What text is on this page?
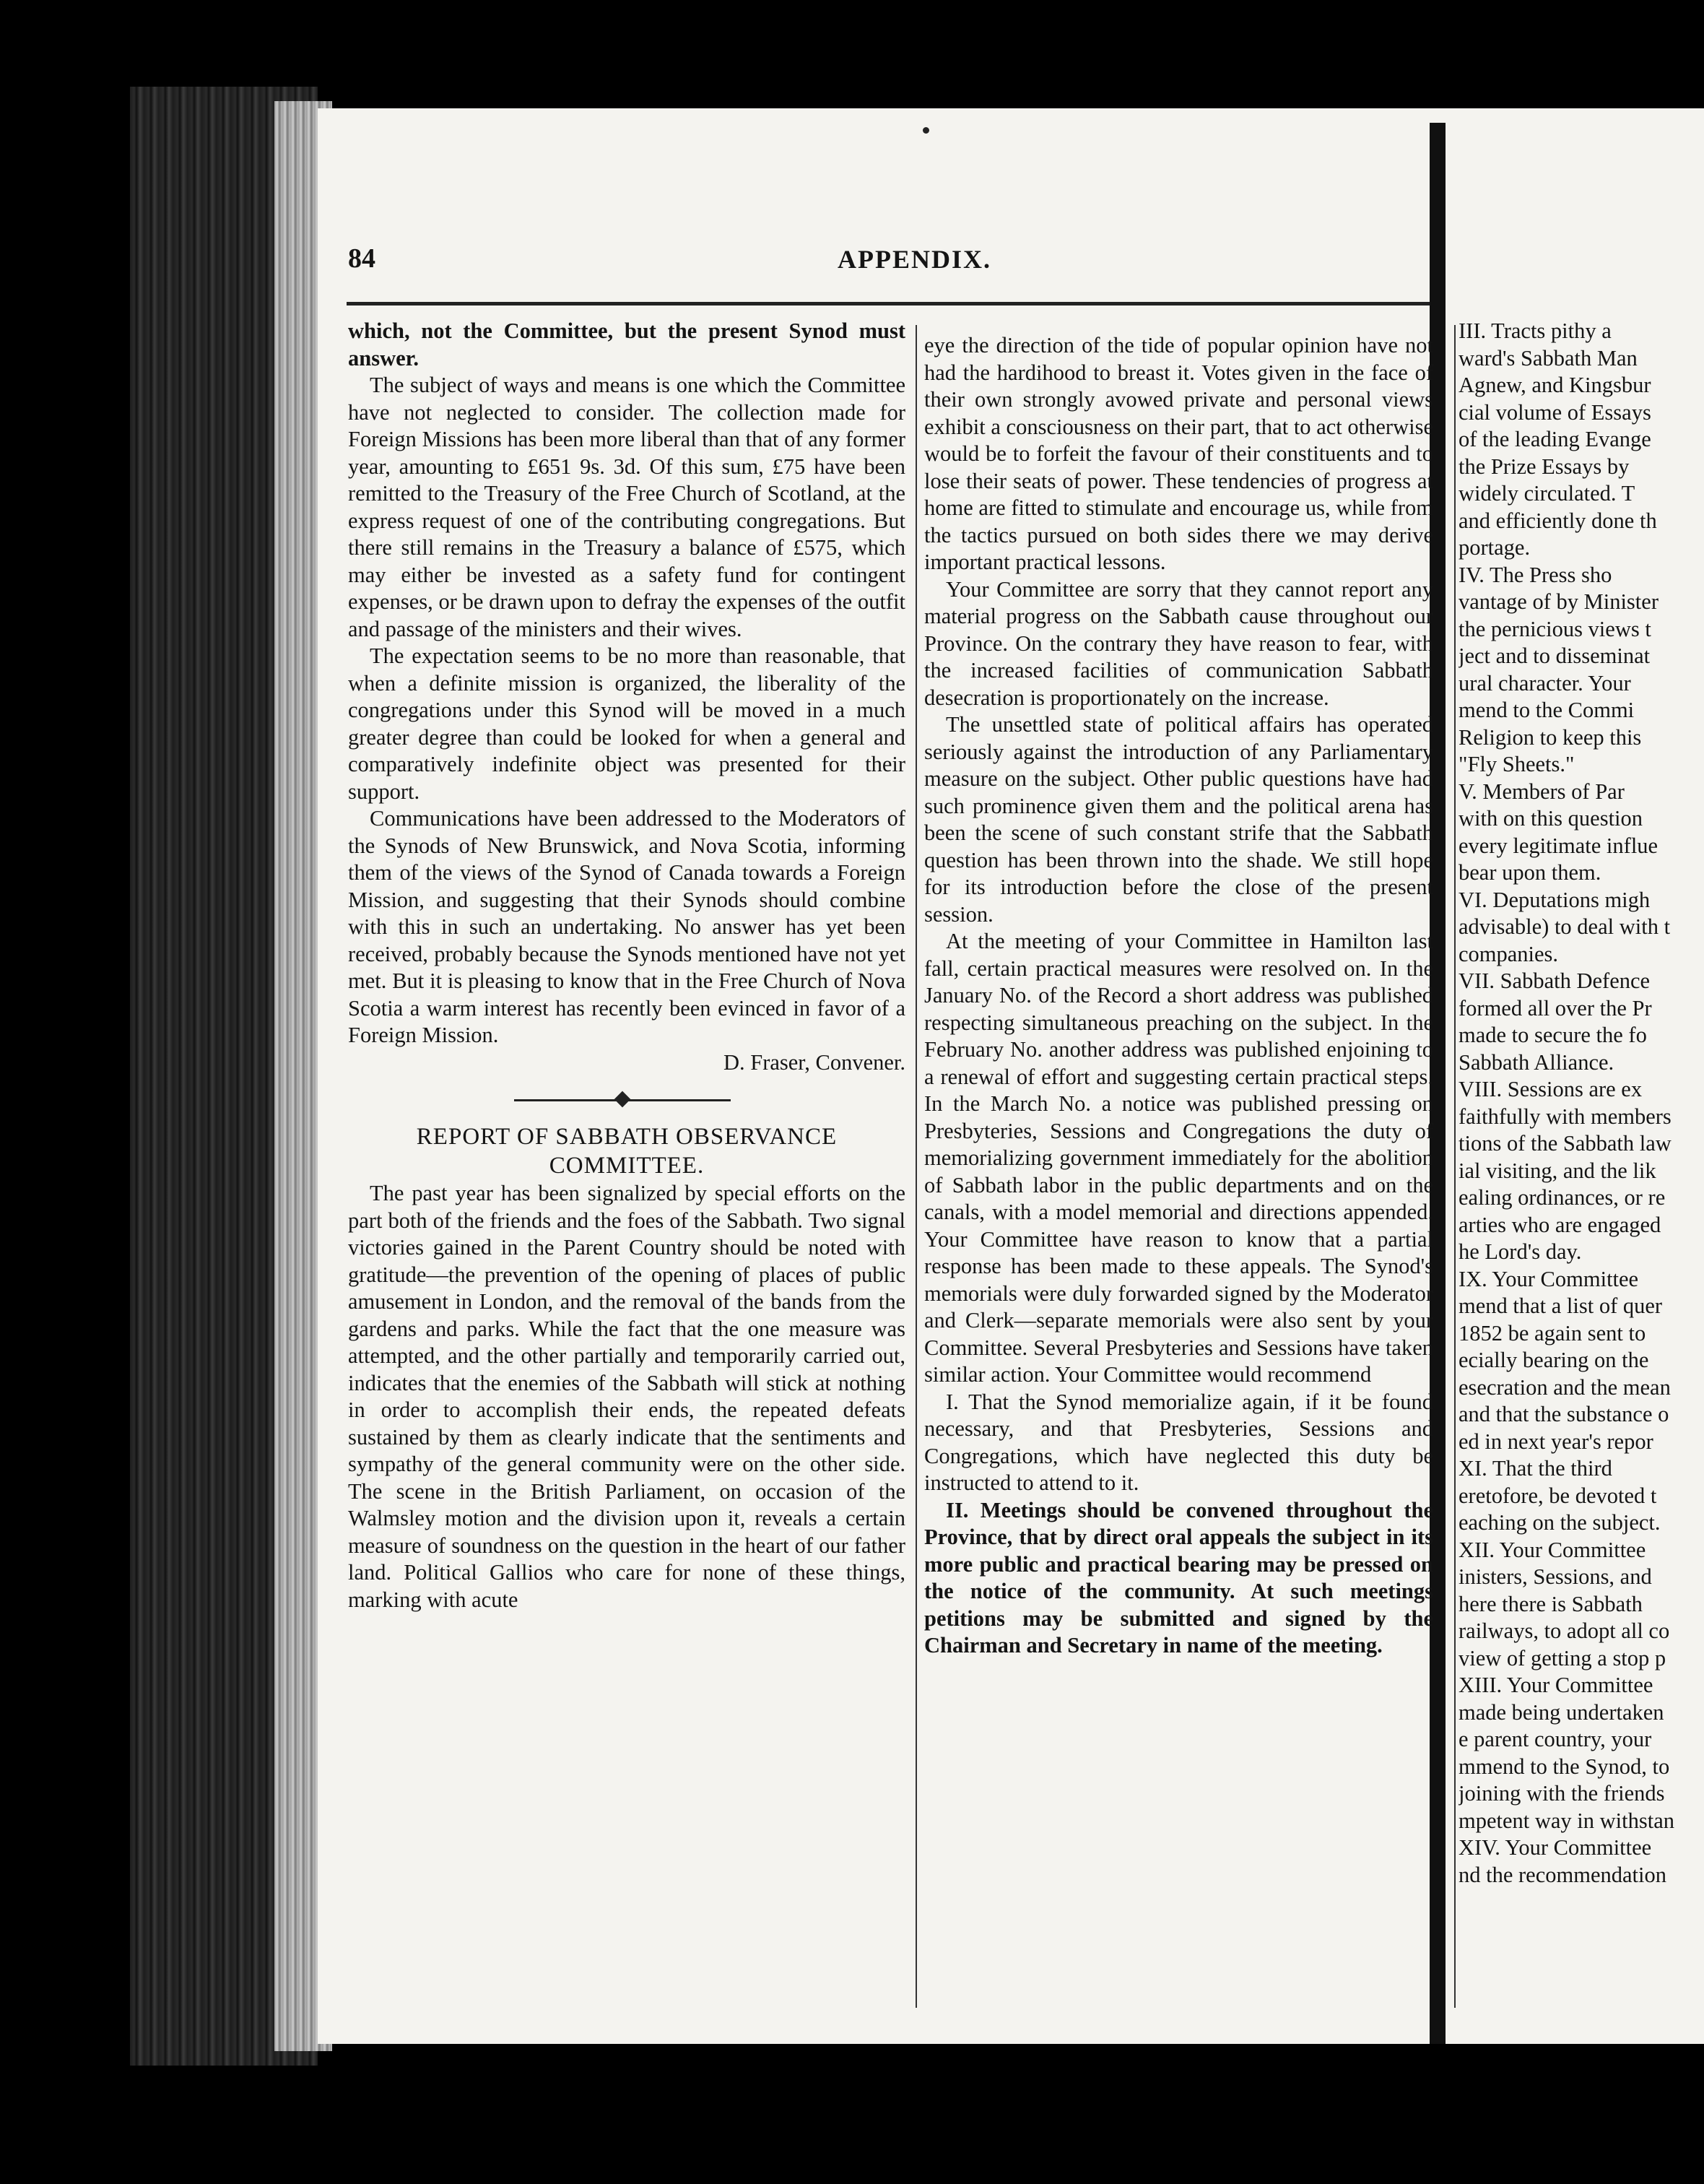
84	APPENDIX.

which, not the Committee, but the present Synod must answer.

The subject of ways and means is one which the Committee have not neglected to consider. The collection made for Foreign Missions has been more liberal than that of any former year, amounting to £651 9s. 3d. Of this sum, £75 have been remitted to the Treasury of the Free Church of Scotland, at the express request of one of the contributing congregations. But there still remains in the Treasury a balance of £575, which may either be invested as a safety fund for contingent expenses, or be drawn upon to defray the expenses of the outfit and passage of the ministers and their wives.

The expectation seems to be no more than reasonable, that when a definite mission is organized, the liberality of the congregations under this Synod will be moved in a much greater degree than could be looked for when a general and comparatively indefinite object was presented for their support.

Communications have been addressed to the Moderators of the Synods of New Brunswick, and Nova Scotia, informing them of the views of the Synod of Canada towards a Foreign Mission, and suggesting that their Synods should combine with this in such an undertaking. No answer has yet been received, probably because the Synods mentioned have not yet met. But it is pleasing to know that in the Free Church of Nova Scotia a warm interest has recently been evinced in favor of a Foreign Mission.

D. Fraser, Convener.

REPORT OF SABBATH OBSERVANCE COMMITTEE.

The past year has been signalized by special efforts on the part both of the friends and the foes of the Sabbath. Two signal victories gained in the Parent Country should be noted with gratitude—the prevention of the opening of places of public amusement in London, and the removal of the bands from the gardens and parks. While the fact that the one measure was attempted, and the other partially and temporarily carried out, indicates that the enemies of the Sabbath will stick at nothing in order to accomplish their ends, the repeated defeats sustained by them as clearly indicate that the sentiments and sympathy of the general community were on the other side. The scene in the British Parliament, on occasion of the Walmsley motion and the division upon it, reveals a certain measure of soundness on the question in the heart of our father land. Political Gallios who care for none of these things, marking with acute

eye the direction of the tide of popular opinion have not had the hardihood to breast it. Votes given in the face of their own strongly avowed private and personal views exhibit a consciousness on their part, that to act otherwise would be to forfeit the favour of their constituents and to lose their seats of power. These tendencies of progress at home are fitted to stimulate and encourage us, while from the tactics pursued on both sides there we may derive important practical lessons.

Your Committee are sorry that they cannot report any material progress on the Sabbath cause throughout our Province. On the contrary they have reason to fear, with the increased facilities of communication Sabbath desecration is proportionately on the increase.

The unsettled state of political affairs has operated seriously against the introduction of any Parliamentary measure on the subject. Other public questions have had such prominence given them and the political arena has been the scene of such constant strife that the Sabbath question has been thrown into the shade. We still hope for its introduction before the close of the present session.

At the meeting of your Committee in Hamilton last fall, certain practical measures were resolved on. In the January No. of the Record a short address was published respecting simultaneous preaching on the subject. In the February No. another address was published enjoining to a renewal of effort and suggesting certain practical steps. In the March No. a notice was published pressing on Presbyteries, Sessions and Congregations the duty of memorializing government immediately for the abolition of Sabbath labor in the public departments and on the canals, with a model memorial and directions appended. Your Committee have reason to know that a partial response has been made to these appeals. The Synod's memorials were duly forwarded signed by the Moderator and Clerk—separate memorials were also sent by your Committee. Several Presbyteries and Sessions have taken similar action. Your Committee would recommend

I. That the Synod memorialize again, if it be found necessary, and that Presbyteries, Sessions and Congregations, which have neglected this duty be instructed to attend to it.

II. Meetings should be convened throughout the Province, that by direct oral appeals the subject in its more public and practical bearing may be pressed on the notice of the community. At such meetings petitions may be submitted and signed by the Chairman and Secretary in name of the meeting.

III. Tracts pithy a

ward's Sabbath Man

Agnew, and Kingsbur

cial volume of Essays

of the leading Evange

the Prize Essays by

widely circulated. T

and efficiently done th

portage.

IV. The Press sho

vantage of by Minister

the pernicious views t

ject and to disseminat

ural character. Your

mend to the Commi

Religion to keep this

"Fly Sheets."

V. Members of Par

with on this question

every legitimate influe

bear upon them.

VI. Deputations migh

advisable) to deal with t

companies.

VII. Sabbath Defence

formed all over the Pr

made to secure the fo

Sabbath Alliance.

VIII. Sessions are ex

faithfully with members

tions of the Sabbath law

ial visiting, and the lik

ealing ordinances, or re

arties who are engaged

he Lord's day.

IX. Your Committee

mend that a list of quer

1852 be again sent to

ecially bearing on the

esecration and the mean

and that the substance o

ed in next year's repor

XI. That the third

eretofore, be devoted t

eaching on the subject.

XII. Your Committee

inisters, Sessions, and

here there is Sabbath

railways, to adopt all co

view of getting a stop p

XIII. Your Committee

made being undertaken

e parent country, your

mmend to the Synod, to

joining with the friends

mpetent way in withstan

XIV. Your Committee

nd the recommendation
